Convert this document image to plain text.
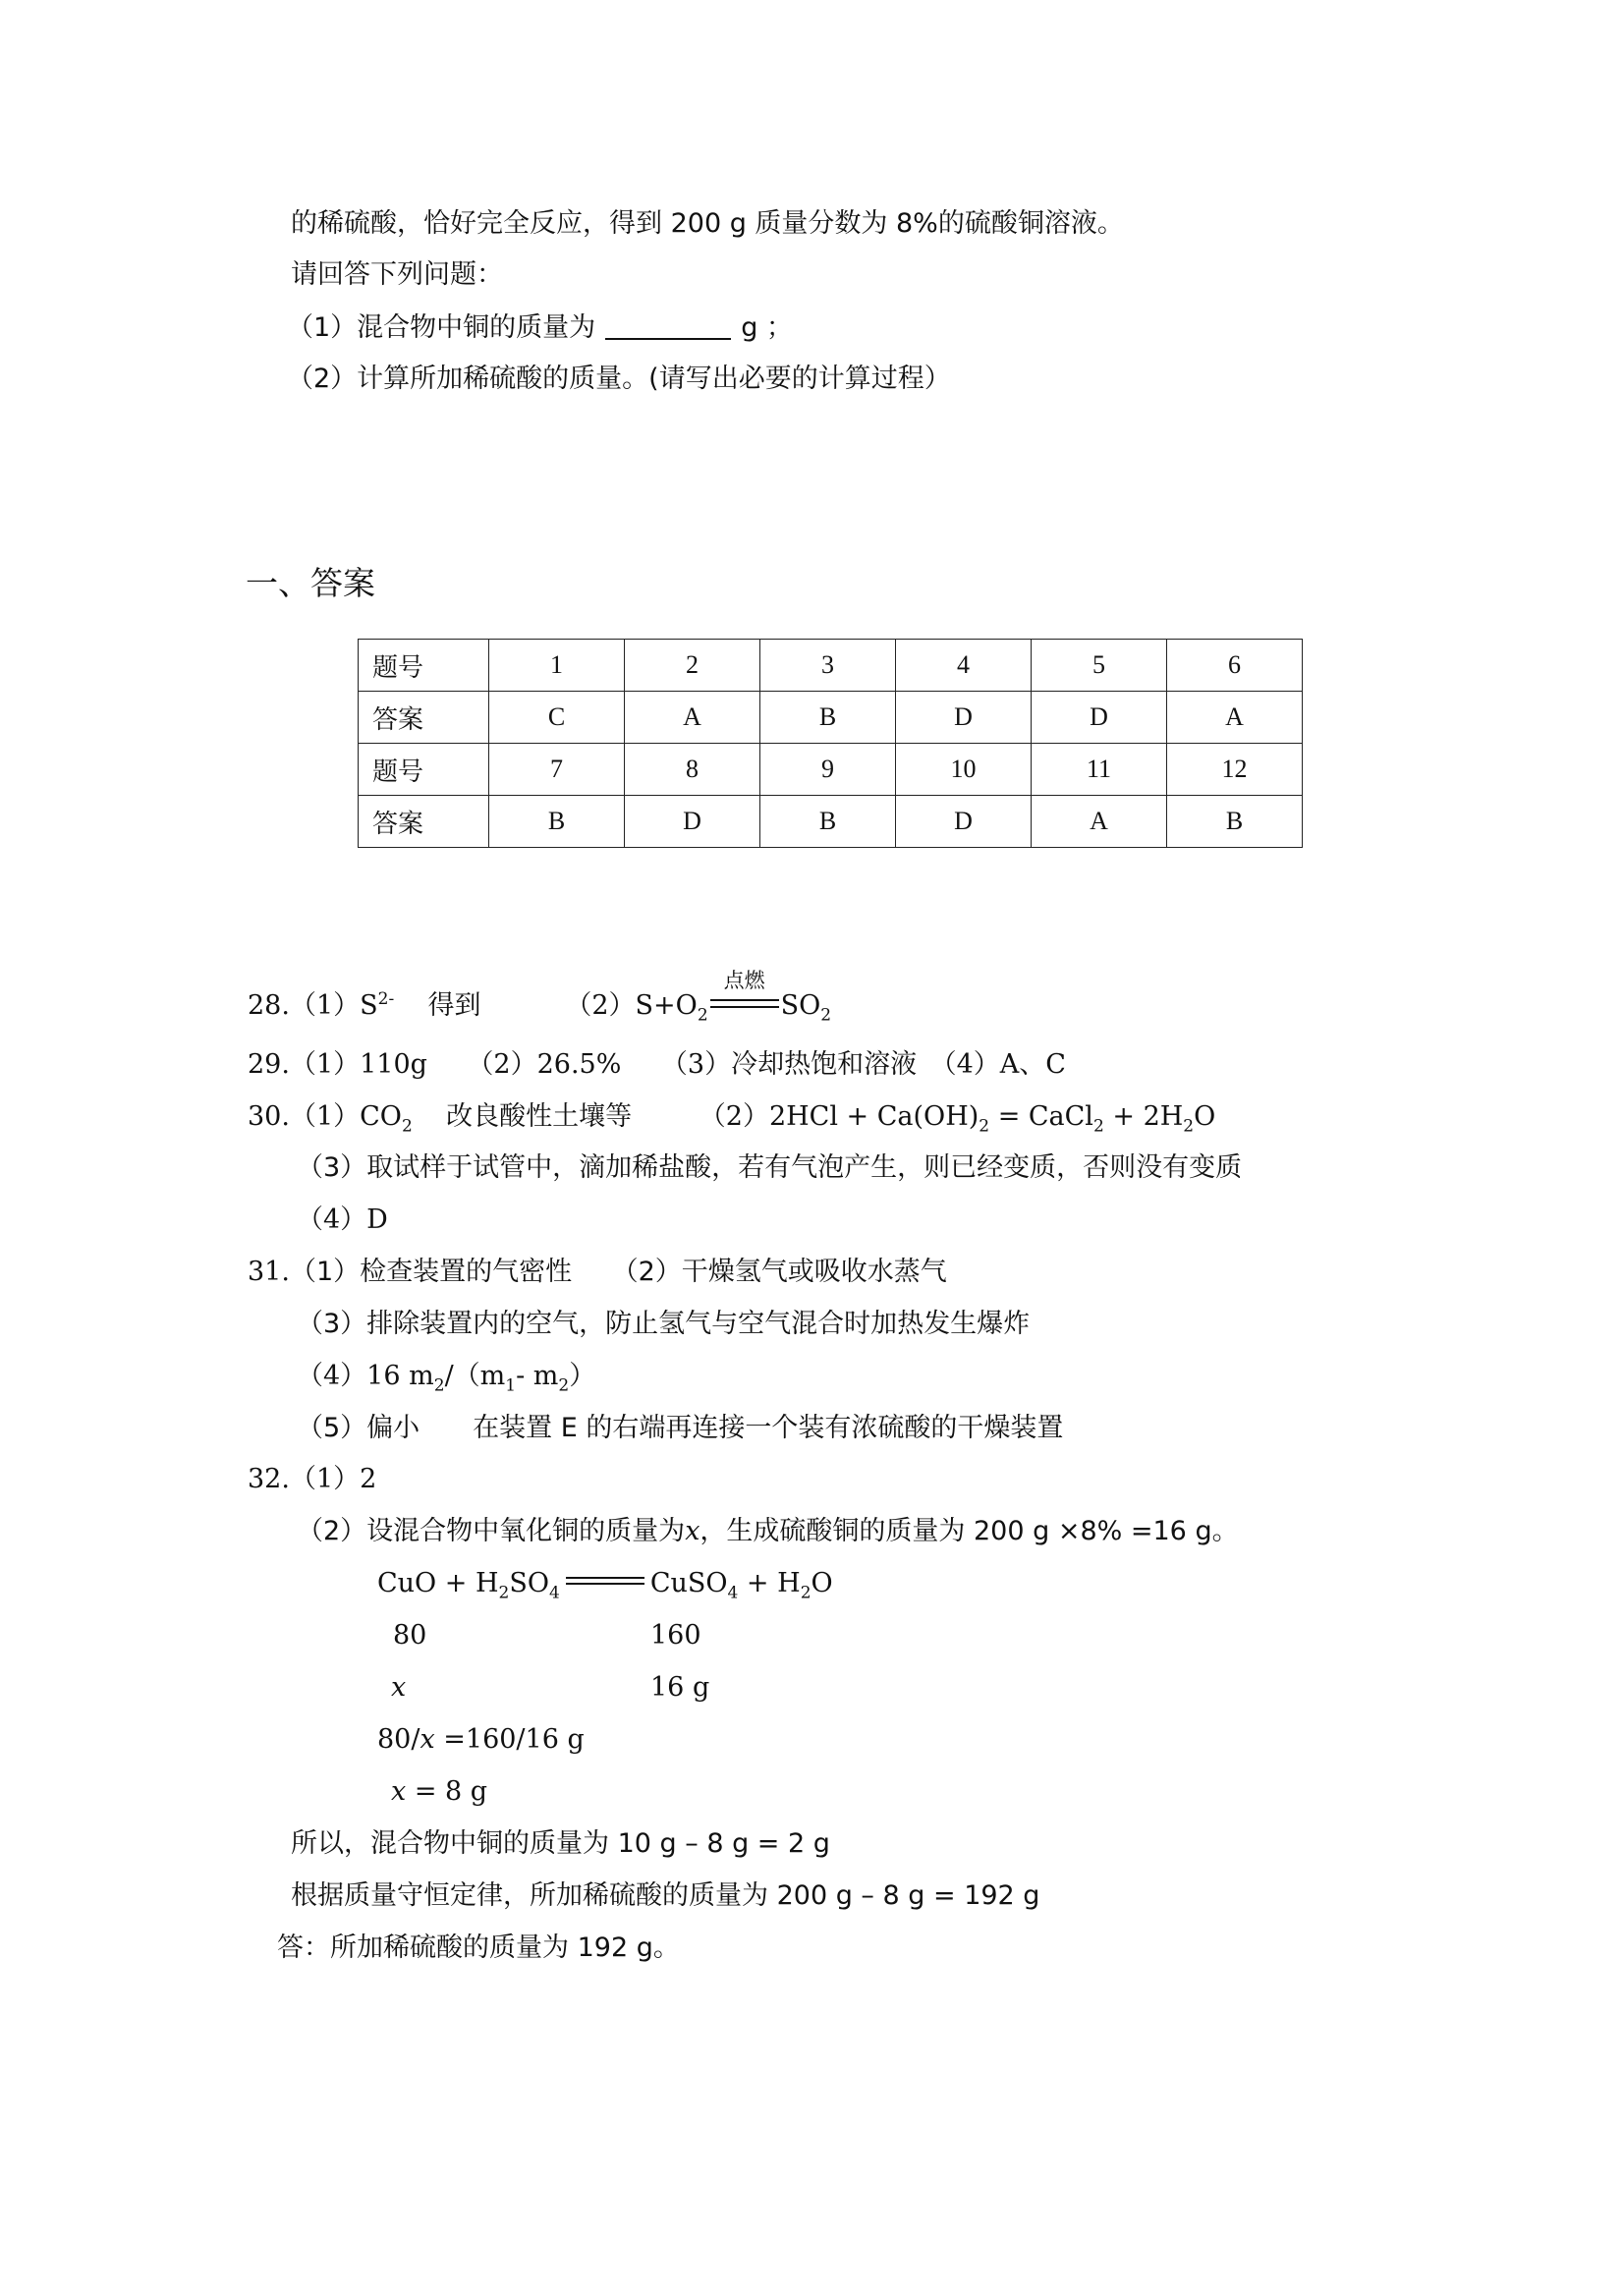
的稀硫酸，恰好完全反应，得到 200 g 质量分数为 8%的硫酸铜溶液。
请回答下列问题：
（1）混合物中铜的质量为	g ；
（2）计算所加稀硫酸的质量。(请写出必要的计算过程）
一、答案
题号	1	2	3	4	5	6
答案	C	A	B	D	D	A
题号	7	8	9	10	11	12
答案	B	D	B	D	A	B
$28.(1)S^{2-}$ 得到	$(2)S+O_2$
点燃
$SO_2$
29.（1）110g　　（2）26.5%　　（3）冷却热饱和溶液　（4）A、C
$30.(1)CO_2$ 改良酸性土壤等	$(2)2HCl + Ca(OH)_2$ = CaCl$_2$ + $2H_2O$
（3）取试样于试管中，滴加稀盐酸，若有气泡产生，则已经变质，否则没有变质
（4）D
31.（1）检查装置的气密性　　（2）干燥氢气或吸收水蒸气
（3）排除装置内的空气，防止氢气与空气混合时加热发生爆炸
（4）16 $m_2/(m_1-$ $m_2$）
（5）偏小　　在装置 E 的右端再连接一个装有浓硫酸的干燥装置
32.（1）2
（2）设混合物中氧化铜的质量为x，生成硫酸铜的质量为 200 g ×8% =16 g。
CuO + $H_2SO_4$	CuSO$_4$ + $H_2O$
80	160
x	16 g
80/x =160/16 g
x = 8 g
所以，混合物中铜的质量为 10 g – 8 g = 2 g
根据质量守恒定律，所加稀硫酸的质量为 200 g – 8 g = 192 g
答：所加稀硫酸的质量为 192 g。
